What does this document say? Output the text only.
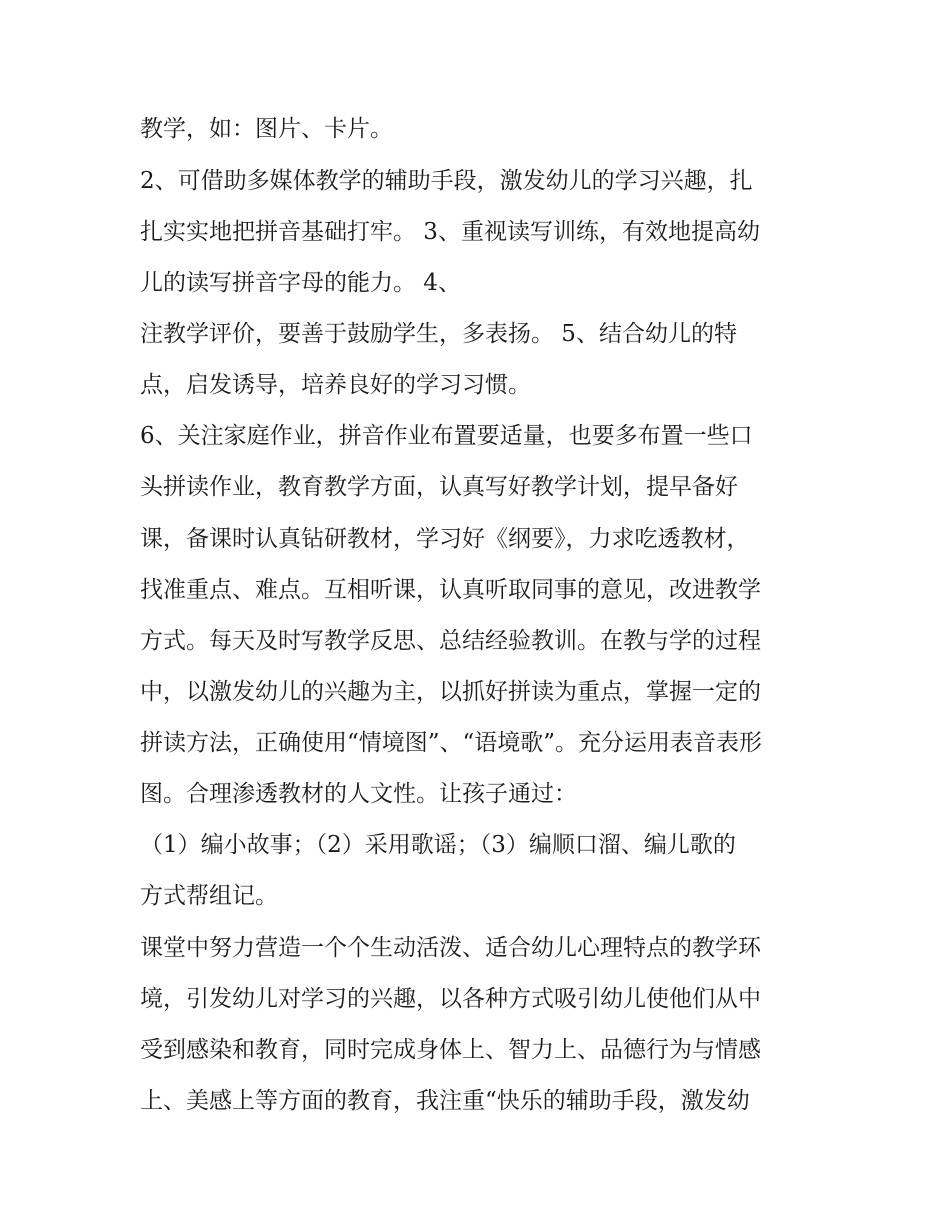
教学，如：图片、卡片。
2、可借助多媒体教学的辅助手段，激发幼儿的学习兴趣，扎
扎实实地把拼音基础打牢。 3、重视读写训练，有效地提高幼
儿的读写拼音字母的能力。 4、
注教学评价，要善于鼓励学生，多表扬。 5、结合幼儿的特
点，启发诱导，培养良好的学习习惯。
6、关注家庭作业，拼音作业布置要适量，也要多布置一些口
头拼读作业，教育教学方面，认真写好教学计划，提早备好
课，备课时认真钻研教材，学习好《纲要》，力求吃透教材，
找准重点、难点。互相听课，认真听取同事的意见，改进教学
方式。每天及时写教学反思、总结经验教训。在教与学的过程
中，以激发幼儿的兴趣为主，以抓好拼读为重点，掌握一定的
拼读方法，正确使用“情境图”、“语境歌”。充分运用表音表形
图。合理渗透教材的人文性。让孩子通过：
（1）编小故事；（2）采用歌谣；（3）编顺口溜、编儿歌的
方式帮组记。
课堂中努力营造一个个生动活泼、适合幼儿心理特点的教学环
境，引发幼儿对学习的兴趣，以各种方式吸引幼儿使他们从中
受到感染和教育，同时完成身体上、智力上、品德行为与情感
上、美感上等方面的教育，我注重“快乐的辅助手段，激发幼
